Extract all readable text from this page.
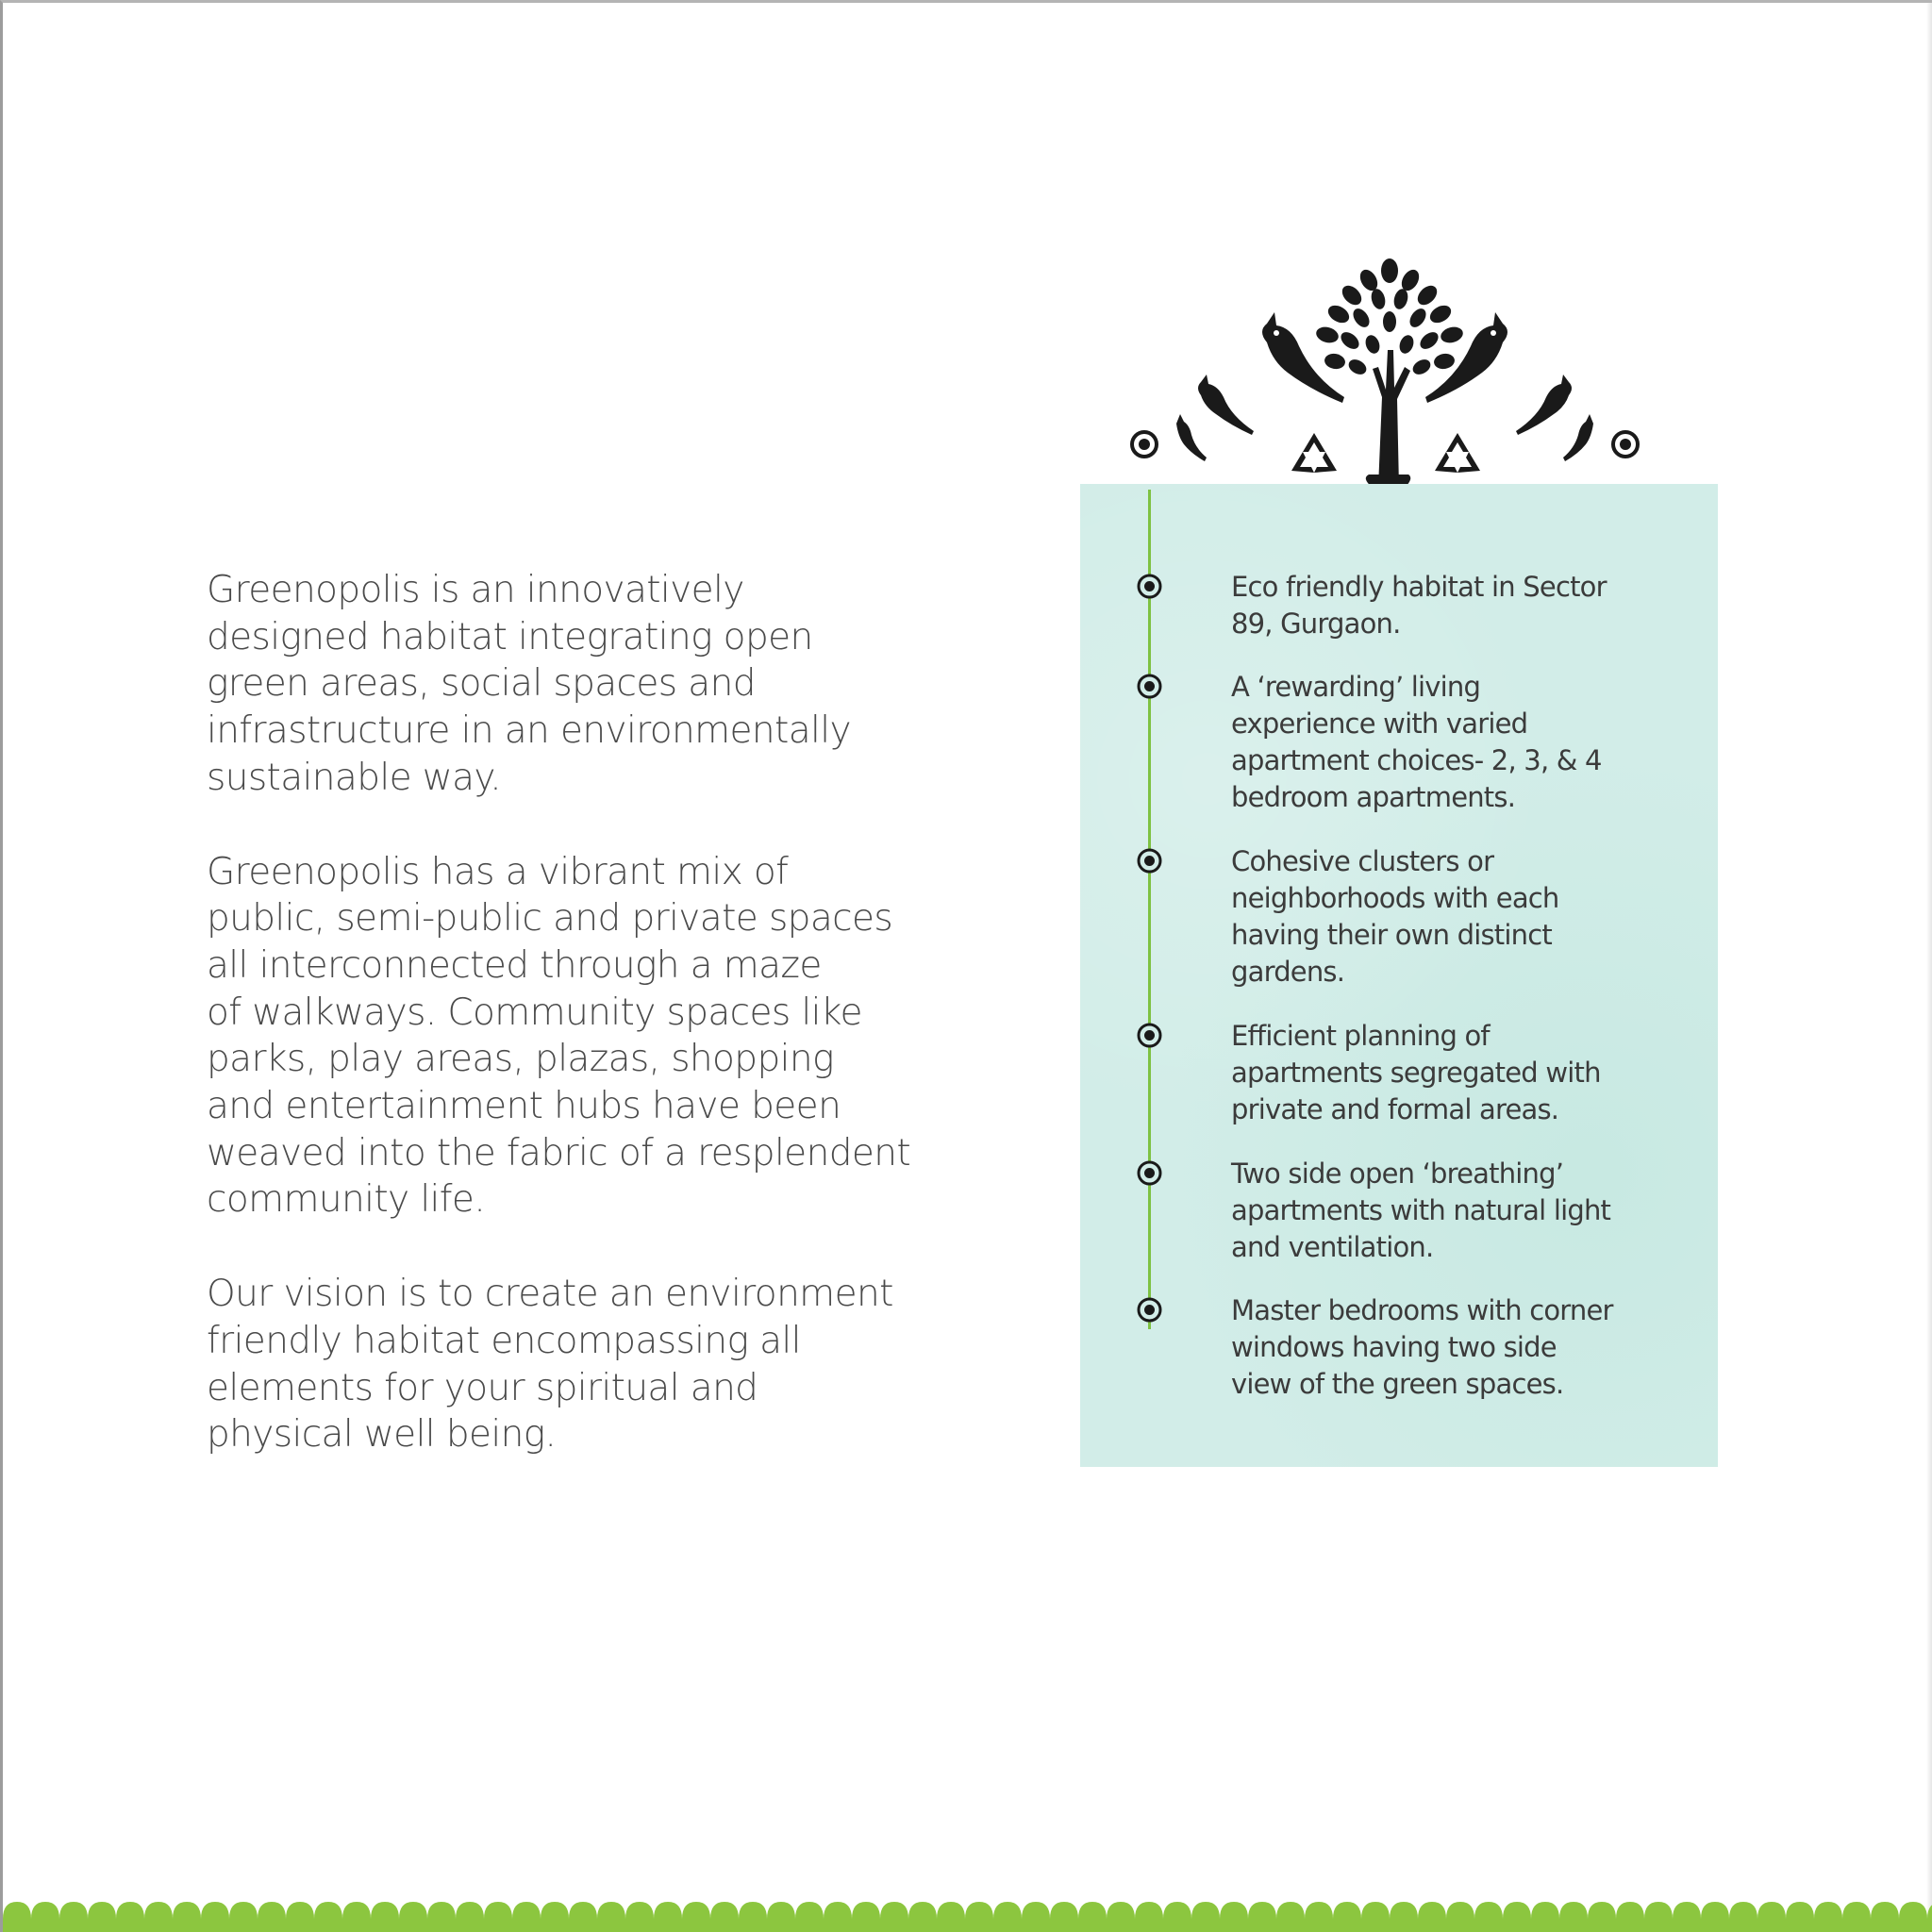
Greenopolis is an innovatively
designed habitat integrating open
green areas, social spaces and
infrastructure in an environmentally
sustainable way.

Greenopolis has a vibrant mix of
public, semi-public and private spaces
all interconnected through a maze
of walkways. Community spaces like
parks, play areas, plazas, shopping
and entertainment hubs have been
weaved into the fabric of a resplendent
community life.

Our vision is to create an environment
friendly habitat encompassing all
elements for your spiritual and
physical well being.

Eco friendly habitat in Sector
89, Gurgaon.
A ‘rewarding’ living
experience with varied
apartment choices- 2, 3, & 4
bedroom apartments.
Cohesive clusters or
neighborhoods with each
having their own distinct
gardens.
Efficient planning of
apartments segregated with
private and formal areas.
Two side open ‘breathing’
apartments with natural light
and ventilation.
Master bedrooms with corner
windows having two side
view of the green spaces.
